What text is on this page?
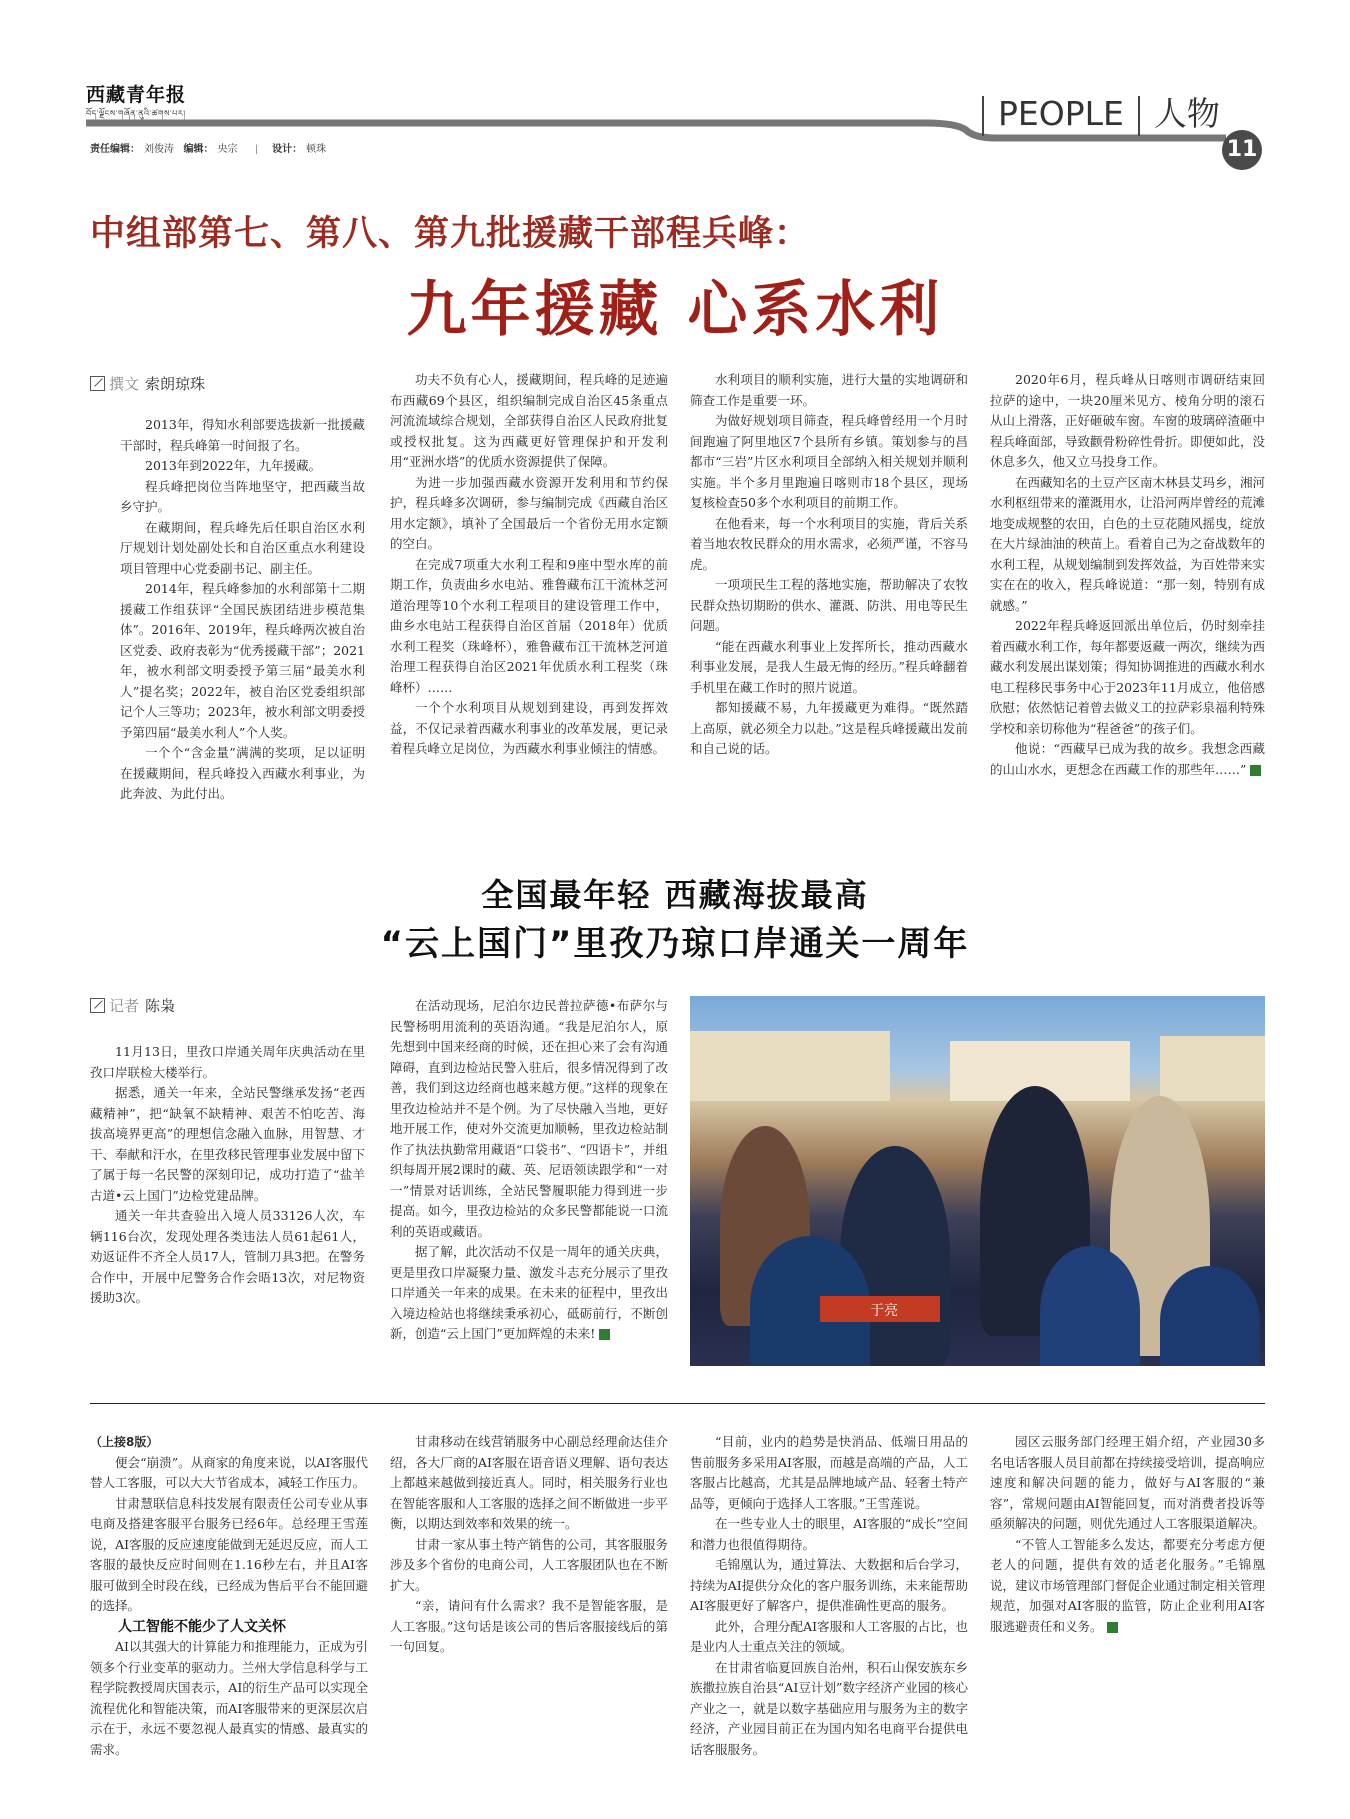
西藏青年报
བོད་ལྗོངས་གཞོན་ནུའི་ཚགས་པར།
责任编辑： 刘俊涛 编辑： 央宗 | 设计： 顿珠
PEOPLE 人物
11
中组部第七、第八、第九批援藏干部程兵峰：
九年援藏 心系水利
撰文 索朗琼珠

2013年，得知水利部要选拔新一批援藏干部时，程兵峰第一时间报了名。

2013年到2022年，九年援藏。

程兵峰把岗位当阵地坚守，把西藏当故乡守护。

在藏期间，程兵峰先后任职自治区水利厅规划计划处副处长和自治区重点水利建设项目管理中心党委副书记、副主任。

2014年，程兵峰参加的水利部第十二期援藏工作组获评“全国民族团结进步模范集体”。2016年、2019年，程兵峰两次被自治区党委、政府表彰为“优秀援藏干部”；2021年，被水利部文明委授予第三届“最美水利人”提名奖；2022年，被自治区党委组织部记个人三等功；2023年，被水利部文明委授予第四届“最美水利人”个人奖。

一个个“含金量”满满的奖项，足以证明在援藏期间，程兵峰投入西藏水利事业，为此奔波、为此付出。

功夫不负有心人，援藏期间，程兵峰的足迹遍布西藏69个县区，组织编制完成自治区45条重点河流流域综合规划，全部获得自治区人民政府批复或授权批复。这为西藏更好管理保护和开发利用“亚洲水塔”的优质水资源提供了保障。

为进一步加强西藏水资源开发利用和节约保护，程兵峰多次调研，参与编制完成《西藏自治区用水定额》，填补了全国最后一个省份无用水定额的空白。

在完成7项重大水利工程和9座中型水库的前期工作，负责曲乡水电站、雅鲁藏布江干流林芝河道治理等10个水利工程项目的建设管理工作中，曲乡水电站工程获得自治区首届（2018年）优质水利工程奖（珠峰杯），雅鲁藏布江干流林芝河道治理工程获得自治区2021年优质水利工程奖（珠峰杯）……

一个个水利项目从规划到建设，再到发挥效益，不仅记录着西藏水利事业的改革发展，更记录着程兵峰立足岗位，为西藏水利事业倾注的情感。

水利项目的顺利实施，进行大量的实地调研和筛查工作是重要一环。

为做好规划项目筛查，程兵峰曾经用一个月时间跑遍了阿里地区7个县所有乡镇。策划参与的昌都市“三岩”片区水利项目全部纳入相关规划并顺利实施。半个多月里跑遍日喀则市18个县区，现场复核检查50多个水利项目的前期工作。

在他看来，每一个水利项目的实施，背后关系着当地农牧民群众的用水需求，必须严谨，不容马虎。

一项项民生工程的落地实施，帮助解决了农牧民群众热切期盼的供水、灌溉、防洪、用电等民生问题。

“能在西藏水利事业上发挥所长，推动西藏水利事业发展，是我人生最无悔的经历。”程兵峰翻着手机里在藏工作时的照片说道。

都知援藏不易，九年援藏更为难得。“既然踏上高原，就必须全力以赴。”这是程兵峰援藏出发前和自己说的话。

2020年6月，程兵峰从日喀则市调研结束回拉萨的途中，一块20厘米见方、棱角分明的滚石从山上滑落，正好砸破车窗。车窗的玻璃碎渣砸中程兵峰面部，导致颧骨粉碎性骨折。即便如此，没休息多久，他又立马投身工作。

在西藏知名的土豆产区南木林县艾玛乡，湘河水利枢纽带来的灌溉用水，让沿河两岸曾经的荒滩地变成规整的农田，白色的土豆花随风摇曳，绽放在大片绿油油的秧苗上。看着自己为之奋战数年的水利工程，从规划编制到发挥效益，为百姓带来实实在在的收入，程兵峰说道：“那一刻，特别有成就感。”

2022年程兵峰返回派出单位后，仍时刻牵挂着西藏水利工作，每年都要返藏一两次，继续为西藏水利发展出谋划策；得知协调推进的西藏水利水电工程移民事务中心于2023年11月成立，他倍感欣慰；依然惦记着曾去做义工的拉萨彩泉福利特殊学校和亲切称他为“程爸爸”的孩子们。

他说：“西藏早已成为我的故乡。我想念西藏的山山水水，更想念在西藏工作的那些年……”	藏

全国最年轻 西藏海拔最高
“云上国门”里孜乃琼口岸通关一周年
记者 陈枭

11月13日，里孜口岸通关周年庆典活动在里孜口岸联检大楼举行。

据悉，通关一年来，全站民警继承发扬“老西藏精神”，把“缺氧不缺精神、艰苦不怕吃苦、海拔高境界更高”的理想信念融入血脉，用智慧、才干、奉献和汗水，在里孜移民管理事业发展中留下了属于每一名民警的深刻印记，成功打造了“盐羊古道•云上国门”边检党建品牌。

通关一年共查验出入境人员33126人次，车辆116台次，发现处理各类违法人员61起61人，劝返证件不齐全人员17人，管制刀具3把。在警务合作中，开展中尼警务合作会晤13次，对尼物资援助3次。

在活动现场，尼泊尔边民普拉萨德•布萨尔与民警杨明用流利的英语沟通。“我是尼泊尔人，原先想到中国来经商的时候，还在担心来了会有沟通障碍，直到边检站民警入驻后，很多情况得到了改善，我们到这边经商也越来越方便。”这样的现象在里孜边检站并不是个例。为了尽快融入当地，更好地开展工作，使对外交流更加顺畅，里孜边检站制作了执法执勤常用藏语“口袋书”、“四语卡”，并组织每周开展2课时的藏、英、尼语领读跟学和“一对一”情景对话训练，全站民警履职能力得到进一步提高。如今，里孜边检站的众多民警都能说一口流利的英语或藏语。

据了解，此次活动不仅是一周年的通关庆典，更是里孜口岸凝聚力量、激发斗志充分展示了里孜口岸通关一年来的成果。在未来的征程中，里孜出入境边检站也将继续秉承初心，砥砺前行，不断创新，创造“云上国门”更加辉煌的未来!	藏

于亮

（上接8版）

便会“崩溃”。从商家的角度来说，以AI客服代替人工客服，可以大大节省成本，减轻工作压力。

甘肃慧联信息科技发展有限责任公司专业从事电商及搭建客服平台服务已经6年。总经理王雪莲说，AI客服的反应速度能做到无延迟反应，而人工客服的最快反应时间则在1.16秒左右，并且AI客服可做到全时段在线，已经成为售后平台不能回避的选择。

人工智能不能少了人文关怀

AI以其强大的计算能力和推理能力，正成为引领多个行业变革的驱动力。兰州大学信息科学与工程学院教授周庆国表示，AI的衍生产品可以实现全流程优化和智能决策，而AI客服带来的更深层次启示在于，永远不要忽视人最真实的情感、最真实的需求。

甘肃移动在线营销服务中心副总经理俞达佳介绍，各大厂商的AI客服在语音语义理解、语句表达上都越来越做到接近真人。同时，相关服务行业也在智能客服和人工客服的选择之间不断做进一步平衡，以期达到效率和效果的统一。

甘肃一家从事土特产销售的公司，其客服服务涉及多个省份的电商公司，人工客服团队也在不断扩大。

“亲，请问有什么需求？我不是智能客服，是人工客服。”这句话是该公司的售后客服接线后的第一句回复。

“目前，业内的趋势是快消品、低端日用品的售前服务多采用AI客服，而越是高端的产品，人工客服占比越高，尤其是品牌地域产品、轻奢土特产品等，更倾向于选择人工客服。”王雪莲说。

在一些专业人士的眼里，AI客服的“成长”空间和潜力也很值得期待。

毛锦凰认为，通过算法、大数据和后台学习，持续为AI提供分众化的客户服务训练，未来能帮助AI客服更好了解客户，提供准确性更高的服务。

此外，合理分配AI客服和人工客服的占比，也是业内人士重点关注的领域。

在甘肃省临夏回族自治州，积石山保安族东乡族撒拉族自治县“AI豆计划”数字经济产业园的核心产业之一，就是以数字基础应用与服务为主的数字经济，产业园目前正在为国内知名电商平台提供电话客服服务。

园区云服务部门经理王娟介绍，产业园30多名电话客服人员目前都在持续接受培训，提高响应速度和解决问题的能力，做好与AI客服的“兼容”，常规问题由AI智能回复，而对消费者投诉等亟须解决的问题，则优先通过人工客服渠道解决。

“不管人工智能多么发达，都要充分考虑方便老人的问题，提供有效的适老化服务。”毛锦凰说，建议市场管理部门督促企业通过制定相关管理规范，加强对AI客服的监管，防止企业利用AI客服逃避责任和义务。	藏
